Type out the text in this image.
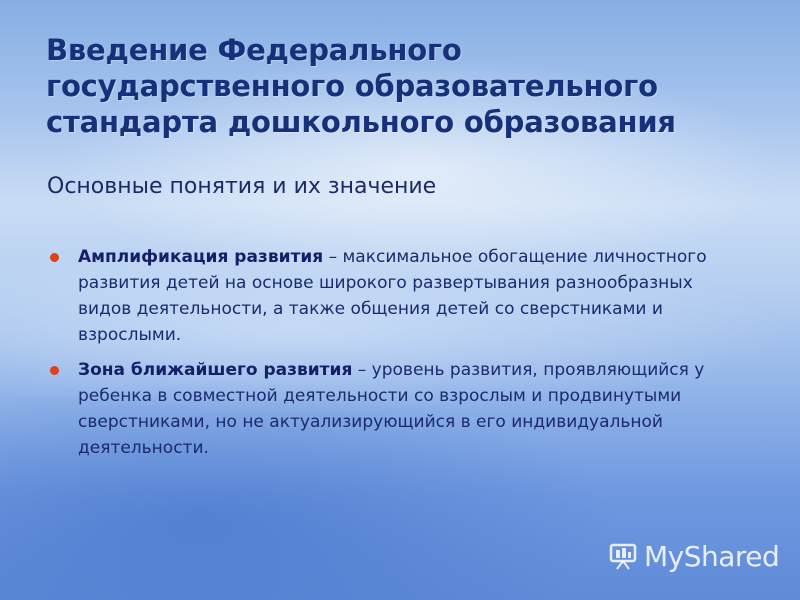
Введение Федерального государственного образовательного стандарта дошкольного образования
Основные понятия и их значение
Амплификация развития – максимальное обогащение личностного развития детей на основе широкого развертывания разнообразных видов деятельности, а также общения детей со сверстниками и взрослыми.
Зона ближайшего развития – уровень развития, проявляющийся у ребенка в совместной деятельности со взрослым и продвинутыми сверстниками, но не актуализирующийся в его индивидуальной деятельности.
MyShared
